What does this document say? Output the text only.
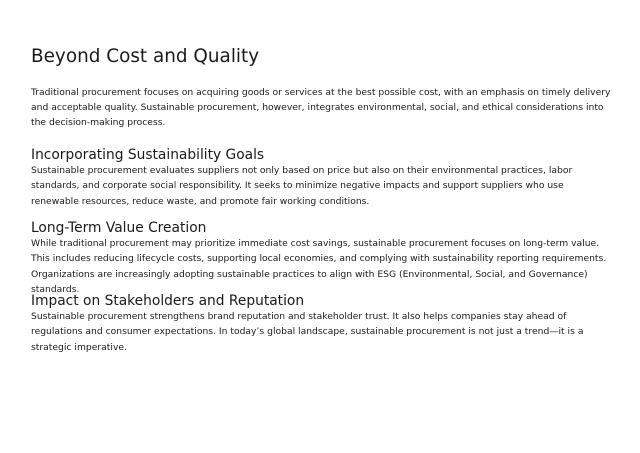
Beyond Cost and Quality

Traditional procurement focuses on acquiring goods or services at the best possible cost, with an emphasis on timely delivery and acceptable quality. Sustainable procurement, however, integrates environmental, social, and ethical considerations into the decision-making process.

Incorporating Sustainability Goals

Sustainable procurement evaluates suppliers not only based on price but also on their environmental practices, labor standards, and corporate social responsibility. It seeks to minimize negative impacts and support suppliers who use renewable resources, reduce waste, and promote fair working conditions.

Long-Term Value Creation

While traditional procurement may prioritize immediate cost savings, sustainable procurement focuses on long-term value. This includes reducing lifecycle costs, supporting local economies, and complying with sustainability reporting requirements. Organizations are increasingly adopting sustainable practices to align with ESG (Environmental, Social, and Governance) standards.

Impact on Stakeholders and Reputation

Sustainable procurement strengthens brand reputation and stakeholder trust. It also helps companies stay ahead of regulations and consumer expectations. In today’s global landscape, sustainable procurement is not just a trend—it is a strategic imperative.
